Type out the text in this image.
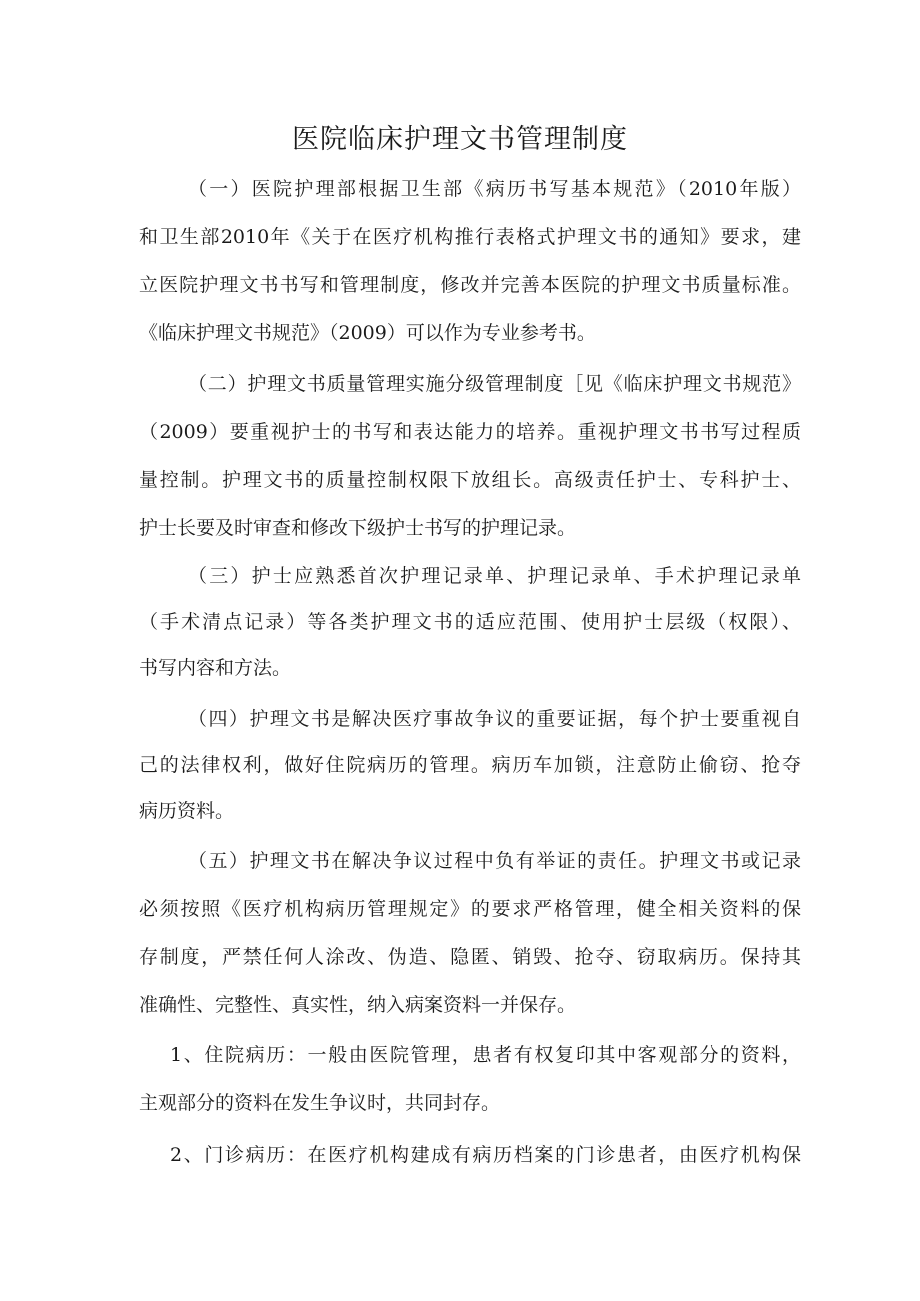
医院临床护理文书管理制度

（一）医院护理部根据卫生部《病历书写基本规范》（2010年版）

和卫生部2010年《关于在医疗机构推行表格式护理文书的通知》要求，建

立医院护理文书书写和管理制度，修改并完善本医院的护理文书质量标准。

《临床护理文书规范》（2009）可以作为专业参考书。

（二）护理文书质量管理实施分级管理制度［见《临床护理文书规范》

（2009）要重视护士的书写和表达能力的培养。重视护理文书书写过程质

量控制。护理文书的质量控制权限下放组长。高级责任护士、专科护士、

护士长要及时审查和修改下级护士书写的护理记录。

（三）护士应熟悉首次护理记录单、护理记录单、手术护理记录单

（手术清点记录）等各类护理文书的适应范围、使用护士层级（权限）、

书写内容和方法。

（四）护理文书是解决医疗事故争议的重要证据，每个护士要重视自

己的法律权利，做好住院病历的管理。病历车加锁，注意防止偷窃、抢夺

病历资料。

（五）护理文书在解决争议过程中负有举证的责任。护理文书或记录

必须按照《医疗机构病历管理规定》的要求严格管理，健全相关资料的保

存制度，严禁任何人涂改、伪造、隐匿、销毁、抢夺、窃取病历。保持其

准确性、完整性、真实性，纳入病案资料一并保存。

1、住院病历：一般由医院管理，患者有权复印其中客观部分的资料，

主观部分的资料在发生争议时，共同封存。

2、门诊病历：在医疗机构建成有病历档案的门诊患者，由医疗机构保
